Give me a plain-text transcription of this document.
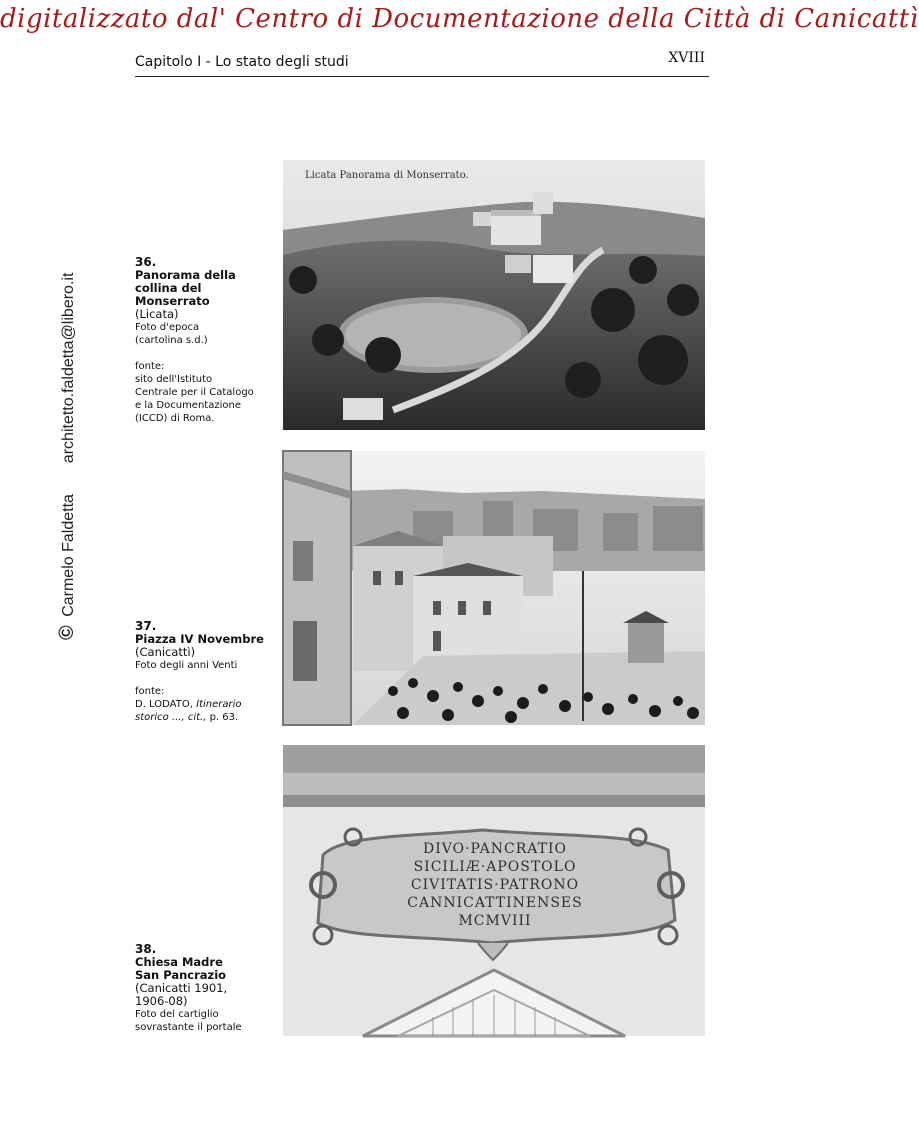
digitalizzato dal' Centro di Documentazione della Città di Canicattì
Capitolo I - Lo stato degli studi	XVIII
© Carmelo Faldetta  architetto.faldetta@libero.it
36.
Panorama della
collina del
Monserrato
(Licata)
Foto d'epoca
(cartolina s.d.)
fonte:
sito dell'Istituto
Centrale per il Catalogo
e la Documentazione
(ICCD) di Roma.
Licata Panorama di Monserrato.
37.
Piazza IV Novembre
(Canicattì)
Foto degli anni Venti
fonte:
D. LODATO, Itinerario storico ..., cit., p. 63.
38.
Chiesa Madre
San Pancrazio
(Canicatti 1901,
1906-08)
Foto del cartiglio
sovrastante il portale
DIVO·PANCRATIO
SICILIÆ·APOSTOLO
CIVITATIS·PATRONO
CANNICATTINENSES
MCMVIII
